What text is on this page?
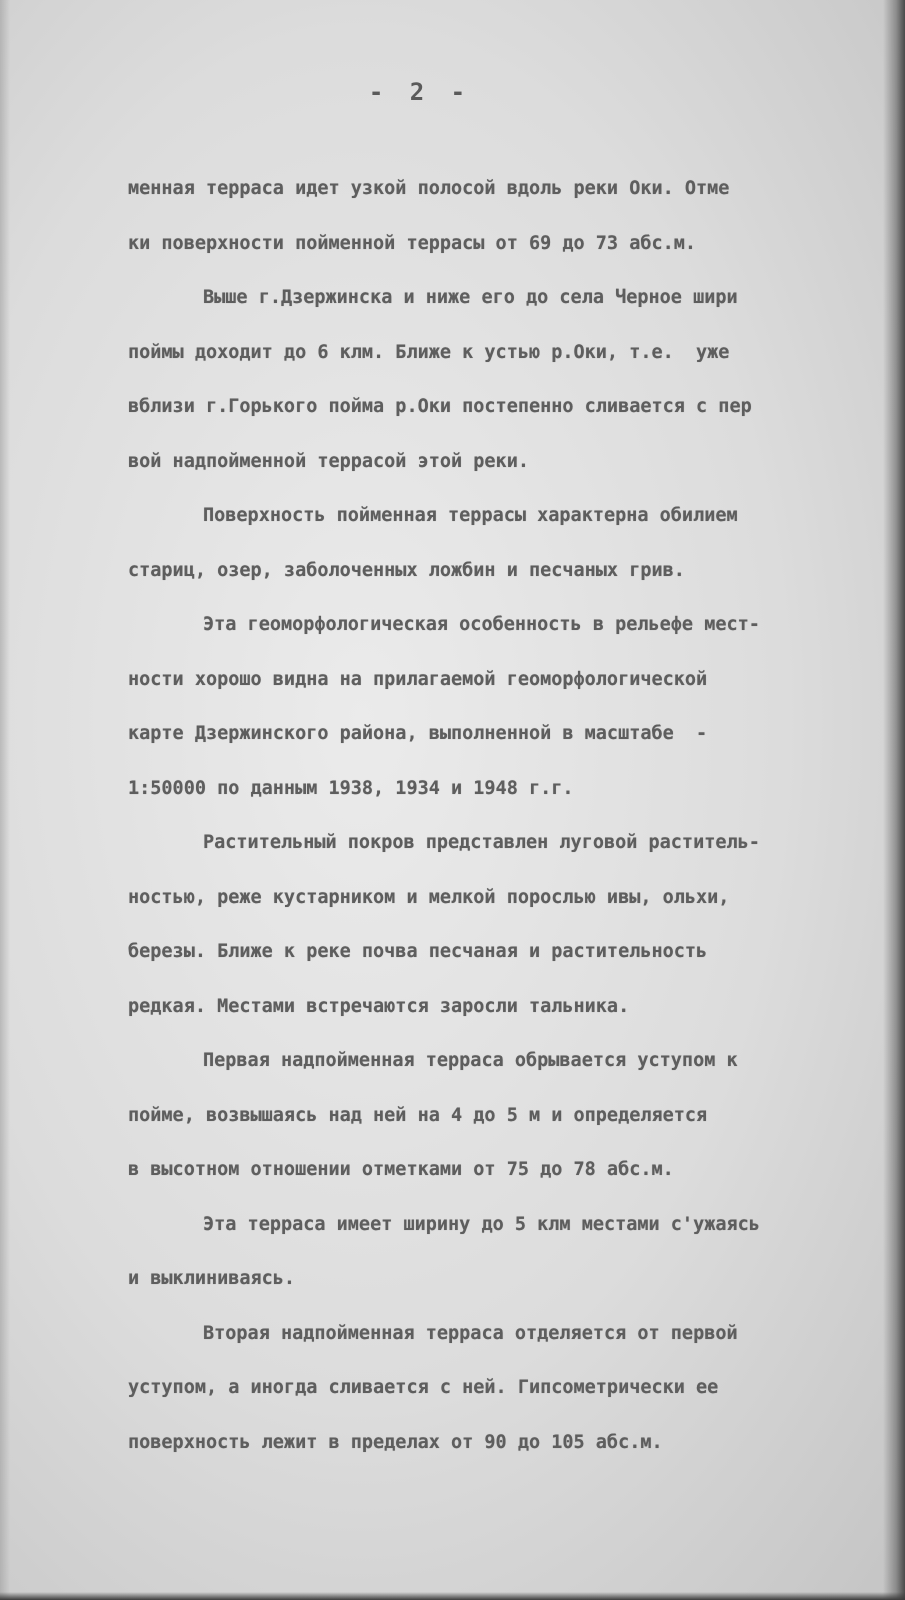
- 2 -
менная терраса идет узкой полосой вдоль реки Оки. Отме
ки поверхности пойменной террасы от 69 до 73 абс.м.
Выше г.Дзержинска и ниже его до села Черное шири
поймы доходит до 6 клм. Ближе к устью р.Оки, т.е.  уже
вблизи г.Горького пойма р.Оки постепенно сливается с пер
вой надпойменной террасой этой реки.
Поверхность пойменная террасы характерна обилием
стариц, озер, заболоченных ложбин и песчаных грив.
Эта геоморфологическая особенность в рельефе мест-
ности хорошо видна на прилагаемой геоморфологической
карте Дзержинского района, выполненной в масштабе  -
1:50000 по данным 1938, 1934 и 1948 г.г.
Растительный покров представлен луговой раститель-
ностью, реже кустарником и мелкой порослью ивы, ольхи,
березы. Ближе к реке почва песчаная и растительность
редкая. Местами встречаются заросли тальника.
Первая надпойменная терраса обрывается уступом к
пойме, возвышаясь над ней на 4 до 5 м и определяется
в высотном отношении отметками от 75 до 78 абс.м.
Эта терраса имеет ширину до 5 клм местами с'ужаясь
и выклиниваясь.
Вторая надпойменная терраса отделяется от первой
уступом, а иногда сливается с ней. Гипсометрически ее
поверхность лежит в пределах от 90 до 105 абс.м.
